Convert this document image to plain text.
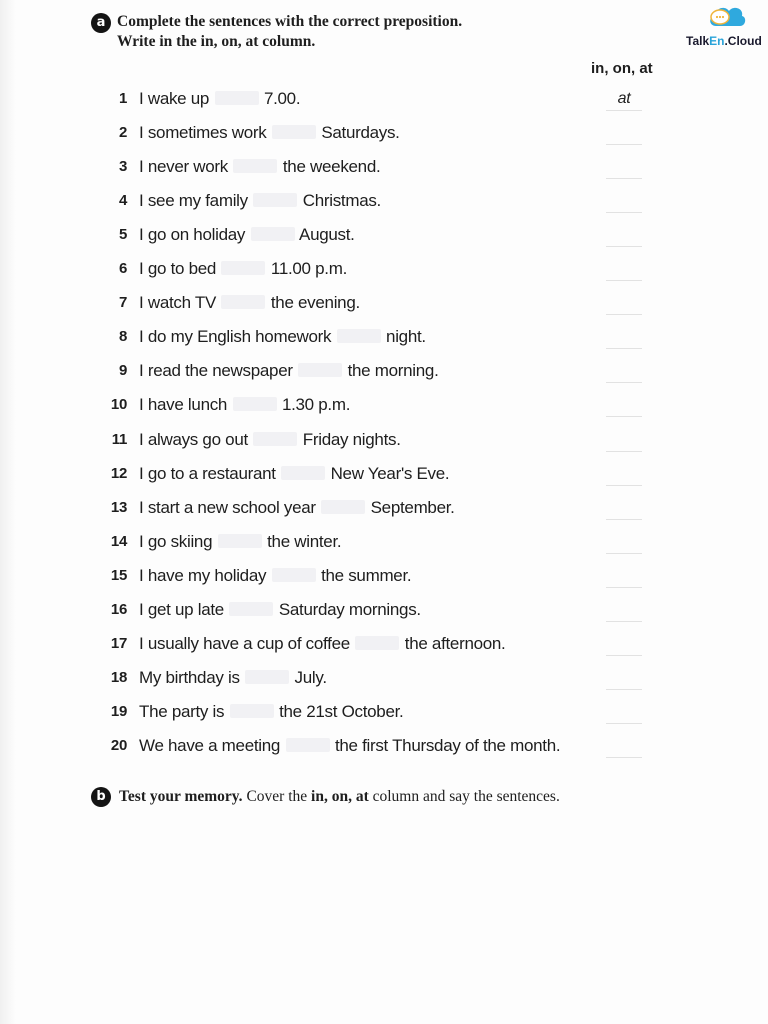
a Complete the sentences with the correct preposition.
Write in the in, on, at column.	TalkEn.Cloud
in, on, at
1 I wake up	7.00.	at
2 I sometimes work	Saturdays.
3 I never work	the weekend.
4 I see my family	Christmas.
5 I go on holiday	August.
6 I go to bed	11.00 p.m.
7 I watch TV	the evening.
8 I do my English homework	night.
9 I read the newspaper	the morning.
10 I have lunch	1.30 p.m.
11 I always go out	Friday nights.
12 I go to a restaurant	New Year's Eve.
13 I start a new school year	September.
14 I go skiing	the winter.
15 I have my holiday	the summer.
16 I get up late	Saturday mornings.
17 I usually have a cup of coffee	the afternoon.
18 My birthday is	July.
19 The party is	the 21st October.
20 We have a meeting	the first Thursday of the month.
b Test your memory. Cover the in, on, at column and say the sentences.
